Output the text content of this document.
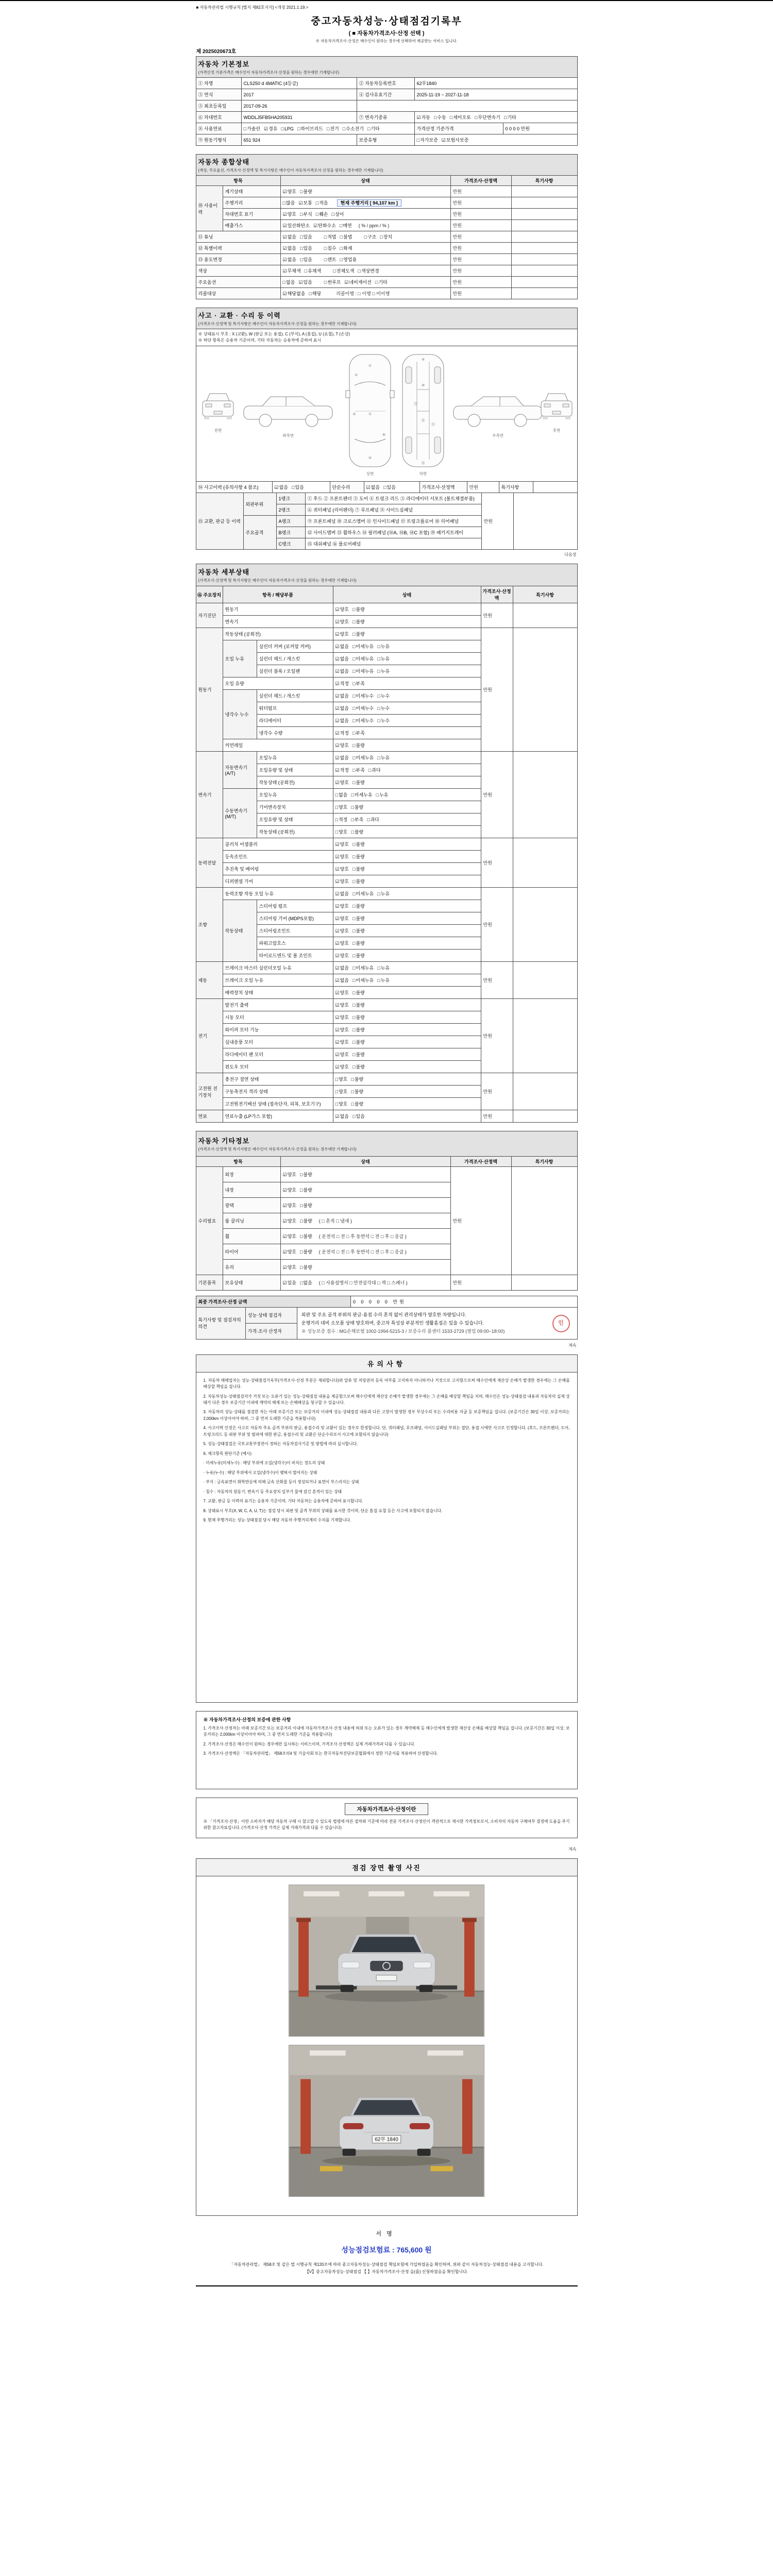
■ 자동차관리법 시행규칙 [별지 제82호서식] <개정 2021.1.19.>
중고자동차성능·상태점검기록부
( ■ 자동차가격조사·산정 선택 )
※ 자동차가격조사·산정은 매수인이 원하는 경우에 선택하여 제공받는 서비스 입니다.
제 2025020673호
자동차 기본정보
(가격산정 기준가격은 매수인이 자동차가격조사·산정을 원하는 경우에만 기재합니다)				

① 차명	CLS250 d 4MATIC (4등급)	② 자동차등록번호	62무1840	
③ 연식	2017	④ 검사유효기간	2025-11-19 ~ 2027-11-18	
⑤ 최초등록일	2017-09-26			
⑥ 차대번호	WDDLJ5FB5HA205931	⑦ 변속기종류	☑자동 □수동 □세미오토 □무단변속기 □기타	
⑧ 사용연료	□가솔린 ☑경유 □LPG □하이브리드 □전기 □수소전기 □기타		가격산정 기준가격	0 0 0 0 만원
⑨ 원동기형식	651 924	보증유형	□자가보증 ☑보험사보증	
자동차 종합상태
(색상, 주요옵션, 가격조사·산정액 및 특기사항은 매수인이 자동차가격조사·산정을 원하는 경우에만 기재합니다)				

항목		상태	가격조사·산정액	특기사항
⑩ 사용이력	계기상태	☑양호 □불량	만원	
	주행거리	□많음 ☑보통 □적음 현재 주행거리 [ 94,107 km ]	만원	
	차대번호 표기	☑양호 □부식 □훼손 □상이	만원	
	배출가스	☑일산화탄소 ☑탄화수소 □매연 ( % / ppm / % )	만원	
⑪ 튜닝		☑없음 □있음 □적법 □불법 □구조 □장치	만원	
⑫ 특별이력		☑없음 □있음 □침수 □화재	만원	
⑬ 용도변경		☑없음 □있음 □렌트 □영업용	만원	
색상		☑무채색 □유채색 □전체도색 □색상변경	만원	
주요옵션		□없음 ☑있음 □썬루프 ☑네비게이션 □기타	만원	
리콜대상		☑해당없음 □해당 리콜이행 : □ 이행 □ 미이행	만원	
사고 · 교환 · 수리 등 이력
(가격조사·산정액 및 특기사항은 매수인이 자동차가격조사·산정을 원하는 경우에만 기재합니다)

※ 상태표시 부호 : X (교환), W (판금 또는 용접), C (부식), A (흠집), U (요철), T (손상)
※ 하단 항목은 승용차 기준이며, 기타 자동차는 승용차에 준하여 표시

전면
좌측면
①
②
③
④
⑥
⑦
상면
⑨
⑩
⑫
⑬
⑯
⑱
하면
우측면
후면

⑭ 사고이력 (유의사항 4 참조)	☑없음 □있음	단순수리	☑없음 □있음	가격조사·산정액	만원	특기사항	
⑮ 교환, 판금 등 이력	외판부위	1랭크	① 후드 ② 프론트펜더 ③ 도어 ④ 트렁크 리드 ⑤ 라디에이터 서포트 (볼트체결부품)	만원	
		2랭크	⑥ 쿼터패널 (리어펜더) ⑦ 루프패널 ⑧ 사이드실패널		
	주요골격	A랭크	⑨ 프론트패널 ⑩ 크로스멤버 ⑪ 인사이드패널 ⑰ 트렁크플로어 ⑱ 리어패널		
		B랭크	⑫ 사이드멤버 ⑬ 휠하우스 ⑭ 필러패널 (⑭A, ⑭B, ⑭C 포함) ⑲ 패키지트레이		
		C랭크	⑮ 대쉬패널 ⑯ 플로어패널		
다음장
자동차 세부상태
(가격조사·산정액 및 특기사항은 매수인이 자동차가격조사·산정을 원하는 경우에만 기재합니다)					

⑯ 주요장치	항목 / 해당부품		상태	가격조사·산정액	특기사항
자기진단	원동기		☑양호 □불량	만원	
	변속기		☑양호 □불량		
원동기	작동상태 (공회전)		☑양호 □불량	만원	
	오일 누유	실린더 커버 (로커암 커버)	☑없음 □미세누유 □누유		
		실린더 헤드 / 개스킷	☑없음 □미세누유 □누유		
		실린더 블록 / 오일팬	☑없음 □미세누유 □누유		
	오일 유량		☑적정 □부족		
	냉각수 누수	실린더 헤드 / 개스킷	☑없음 □미세누수 □누수		
		워터펌프	☑없음 □미세누수 □누수		
		라디에이터	☑없음 □미세누수 □누수		
		냉각수 수량	☑적정 □부족		
	커먼레일		☑양호 □불량		
변속기	자동변속기 (A/T)	오일누유	☑없음 □미세누유 □누유	만원	
		오일유량 및 상태	☑적정 □부족 □과다		
		작동상태 (공회전)	☑양호 □불량		
	수동변속기 (M/T)	오일누유	□없음 □미세누유 □누유		
		기어변속장치	□양호 □불량		
		오일유량 및 상태	□적정 □부족 □과다		
		작동상태 (공회전)	□양호 □불량		
동력전달	클러치 어셈블리		☑양호 □불량	만원	
	등속조인트		☑양호 □불량		
	추진축 및 베어링		☑양호 □불량		
	디퍼렌셜 기어		☑양호 □불량		
조향	동력조향 작동 오일 누유		☑없음 □미세누유 □누유	만원	
	작동상태	스티어링 펌프	☑양호 □불량		
		스티어링 기어 (MDPS포함)	☑양호 □불량		
		스티어링조인트	☑양호 □불량		
		파워고압호스	☑양호 □불량		
		타이로드엔드 및 볼 조인트	☑양호 □불량		
제동	브레이크 마스터 실린더오일 누유		☑없음 □미세누유 □누유	만원	
	브레이크 오일 누유		☑없음 □미세누유 □누유		
	배력장치 상태		☑양호 □불량		
전기	발전기 출력		☑양호 □불량	만원	
	시동 모터		☑양호 □불량		
	와이퍼 모터 기능		☑양호 □불량		
	실내송풍 모터		☑양호 □불량		
	라디에이터 팬 모터		☑양호 □불량		
	윈도우 모터		☑양호 □불량		
고전원 전기장치	충전구 절연 상태		□양호 □불량	만원	
	구동축전지 격리 상태		□양호 □불량		
	고전원전기배선 상태 (접속단자, 피복, 보호기구)		□양호 □불량		
연료	연료누출 (LP가스 포함)		☑없음 □있음	만원	
자동차 기타정보
(가격조사·산정액 및 특기사항은 매수인이 자동차가격조사·산정을 원하는 경우에만 기재합니다)				

항목		상태	가격조사·산정액	특기사항
수리필요	외장	☑양호 □불량	만원	
	내장	☑양호 □불량		
	광택	☑양호 □불량		
	룸 클리닝	☑양호 □불량 ( □ 흔적 □ 냄새 )		
	휠	☑양호 □불량 ( 운전석 □ 전 □ 후 동반석 □ 전 □ 후 □ 응급 )		
	타이어	☑양호 □불량 ( 운전석 □ 전 □ 후 동반석 □ 전 □ 후 □ 응급 )		
	유리	☑양호 □불량		
기본품목	보유상태	☑있음 □없음 ( □ 사용설명서 □ 안전삼각대 □ 잭 □ 스패너 )	만원	
최종 가격조사·산정 금액	0 0 0 0 0 만원
특기사항 및 점검자의 의견	성능·상태 점검자	외판 및 주요 골격 부위의 판금·용접 수리 흔적 없이 관리상태가 양호한 차량입니다.
운행거리 대비 소모품 상태 양호하며, 중고차 특성상 부분적인 생활흠집은 있을 수 있습니다.
※ 성능보증 접수 : MG손해보험 1002-1994-5215-3 / 보증수리 콜센터 1533-2729 (평일 09:00~18:00)
인

가격·조사 산정자
계속
유의사항
1. 자동차 매매업자는 성능·상태점검기록부(가격조사·산정 부분은 제외합니다)와 압류 및 저당권의 등록 여부를 고지하지 아니하거나 거짓으로 고지함으로써 매수인에게 재산상 손해가 발생한 경우에는 그 손해를 배상할 책임을 집니다.
2. 자동차성능·상태점검자가 거짓 또는 오류가 있는 성능·상태점검 내용을 제공함으로써 매수인에게 재산상 손해가 발생한 경우에는 그 손해를 배상할 책임을 지며, 매수인은 성능·상태점검 내용과 자동차의 실제 상태가 다른 경우 보증기간 이내에 계약의 해제 또는 손해배상을 청구할 수 있습니다.
3. 자동차의 성능·상태를 점검한 자는 아래 보증기간 또는 보증거리 이내에 성능·상태점검 내용과 다른 고장이 발생한 경우 무상수리 또는 수리비용 지급 등 보증책임을 집니다. (보증기간은 30일 이상, 보증거리는 2,000km 이상이어야 하며, 그 중 먼저 도래한 기준을 적용합니다)
4. 사고이력 인정은 사고로 자동차 주요 골격 부위의 판금, 용접수리 및 교환이 있는 경우로 한정합니다. 단, 쿼터패널, 루프패널, 사이드실패널 부위는 절단, 용접 시에만 사고로 인정합니다. (후드, 프론트펜더, 도어, 트렁크리드 등 외판 부위 및 범퍼에 대한 판금, 용접수리 및 교환은 단순수리로서 사고에 포함되지 않습니다)
5. 성능·상태점검은 국토교통부장관이 정하는 자동차검사기준 및 방법에 따라 실시합니다.
6. 체크항목 판단기준 (예시)
· 미세누유(미세누수) : 해당 부위에 오일(냉각수)이 비치는 정도의 상태
· 누유(누수) : 해당 부위에서 오일(냉각수)이 맺혀서 떨어지는 상태
· 부식 : 금속표면이 화학반응에 의해 금속 산화물 등이 생성되거나 표면이 부스러지는 상태
· 침수 : 자동차의 원동기, 변속기 등 주요장치 일부가 물에 잠긴 흔적이 있는 상태
7. 교환, 판금 등 이력의 표기는 승용차 기준이며, 기타 자동차는 승용차에 준하여 표시합니다.
8. 상태표시 부호(X, W, C, A, U, T)는 점검 당시 외판 및 골격 부위의 상태를 표시한 것이며, 단순 흠집·요철 등은 사고에 포함되지 않습니다.
9. 현재 주행거리는 성능·상태점검 당시 해당 자동차 주행거리계의 수치를 기재합니다.
※ 자동차가격조사·산정의 보증에 관한 사항
1. 가격조사·산정자는 아래 보증기간 또는 보증거리 이내에 자동차가격조사·산정 내용에 허위 또는 오류가 있는 경우 계약해제 등 매수인에게 발생한 재산상 손해를 배상할 책임을 집니다. (보증기간은 30일 이상, 보증거리는 2,000km 이상이어야 하며, 그 중 먼저 도래한 기준을 적용합니다)
2. 가격조사·산정은 매수인이 원하는 경우에만 실시하는 서비스이며, 가격조사·산정액은 실제 거래가격과 다를 수 있습니다.
3. 가격조사·산정액은 「자동차관리법」 제58조의4 및 기술사회 또는 한국자동차진단보증협회에서 정한 기준서를 적용하여 산정합니다.
자동차가격조사·산정이란
※ 「가격조사·산정」이란 소비자가 해당 자동차 구매 시 참고할 수 있도록 법령에 따른 절차와 기준에 따라 전문 가격조사·산정인이 객관적으로 제시한 가격정보로서, 소비자의 자동차 구매여부 결정에 도움을 주기 위한 참고자료입니다. (가격조사·산정 가격은 실제 거래가격과 다를 수 있습니다)
계속
점검 장면 촬영 사진
62무 1840
서명
성능점검보험료 : 765,600 원
「자동차관리법」 제58조 및 같은 법 시행규칙 제120조에 따라 중고자동차성능·상태점검 책임보험에 가입하였음을 확인하며, 위와 같이 자동차성능·상태점검 내용을 고지합니다.
【V】중고자동차성능·상태점검 【 】자동차가격조사·산정 을(를) 신청하였음을 확인합니다.
